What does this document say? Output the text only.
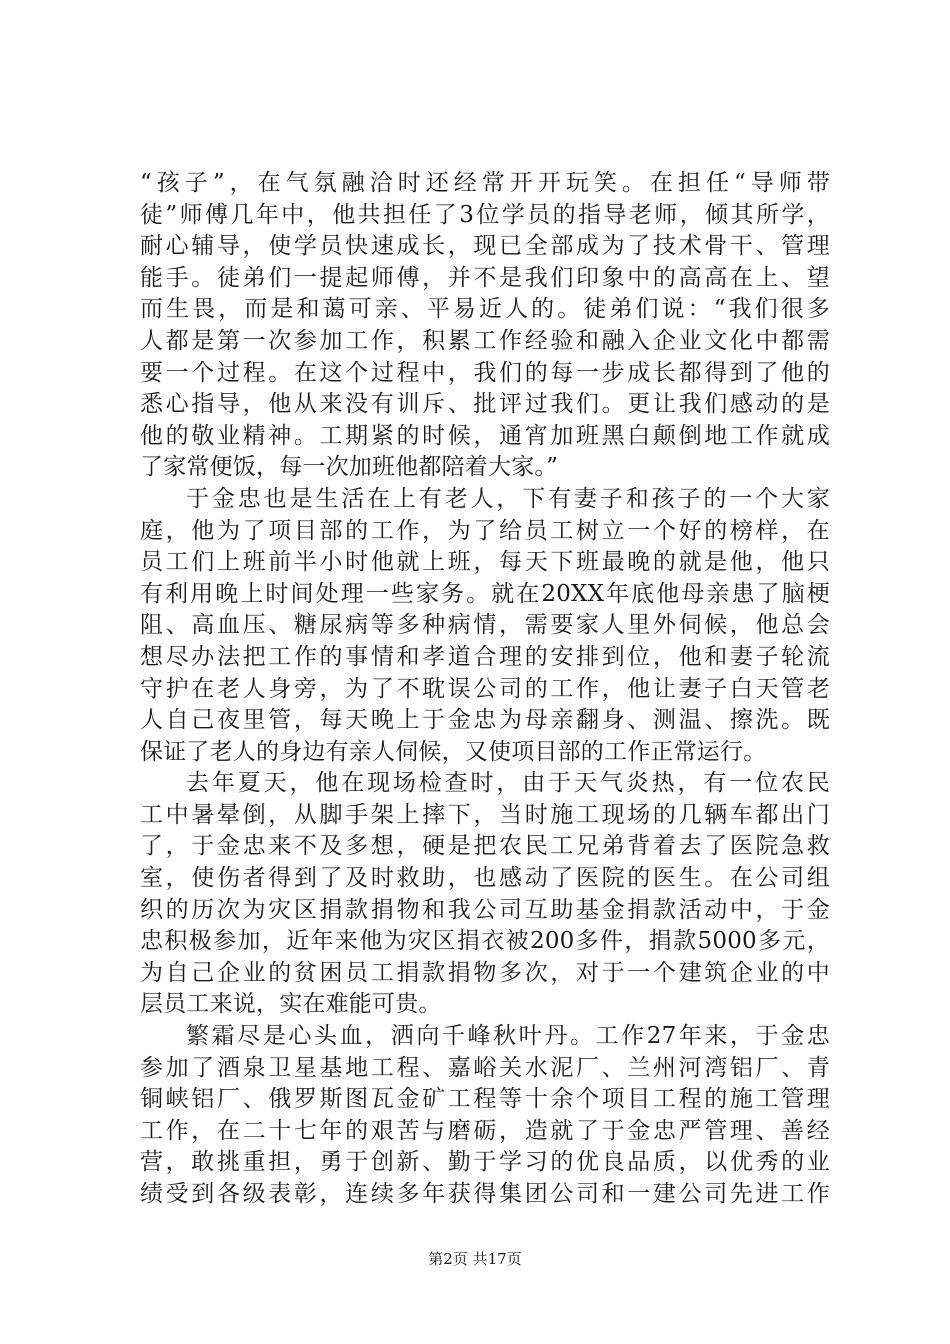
“孩子”，在气氛融洽时还经常开开玩笑。在担任“导师带
徒”师傅几年中，他共担任了3位学员的指导老师，倾其所学，
耐心辅导，使学员快速成长，现已全部成为了技术骨干、管理
能手。徒弟们一提起师傅，并不是我们印象中的高高在上、望
而生畏，而是和蔼可亲、平易近人的。徒弟们说：“我们很多
人都是第一次参加工作，积累工作经验和融入企业文化中都需
要一个过程。在这个过程中，我们的每一步成长都得到了他的
悉心指导，他从来没有训斥、批评过我们。更让我们感动的是
他的敬业精神。工期紧的时候，通宵加班黑白颠倒地工作就成
了家常便饭，每一次加班他都陪着大家。”
于金忠也是生活在上有老人，下有妻子和孩子的一个大家
庭，他为了项目部的工作，为了给员工树立一个好的榜样，在
员工们上班前半小时他就上班，每天下班最晚的就是他，他只
有利用晚上时间处理一些家务。就在20XX年底他母亲患了脑梗
阻、高血压、糖尿病等多种病情，需要家人里外伺候，他总会
想尽办法把工作的事情和孝道合理的安排到位，他和妻子轮流
守护在老人身旁，为了不耽误公司的工作，他让妻子白天管老
人自己夜里管，每天晚上于金忠为母亲翻身、测温、擦洗。既
保证了老人的身边有亲人伺候，又使项目部的工作正常运行。
去年夏天，他在现场检查时，由于天气炎热，有一位农民
工中暑晕倒，从脚手架上摔下，当时施工现场的几辆车都出门
了，于金忠来不及多想，硬是把农民工兄弟背着去了医院急救
室，使伤者得到了及时救助，也感动了医院的医生。在公司组
织的历次为灾区捐款捐物和我公司互助基金捐款活动中，于金
忠积极参加，近年来他为灾区捐衣被200多件，捐款5000多元，
为自己企业的贫困员工捐款捐物多次，对于一个建筑企业的中
层员工来说，实在难能可贵。
繁霜尽是心头血，洒向千峰秋叶丹。工作27年来，于金忠
参加了酒泉卫星基地工程、嘉峪关水泥厂、兰州河湾铝厂、青
铜峡铝厂、俄罗斯图瓦金矿工程等十余个项目工程的施工管理
工作，在二十七年的艰苦与磨砺，造就了于金忠严管理、善经
营，敢挑重担，勇于创新、勤于学习的优良品质，以优秀的业
绩受到各级表彰，连续多年获得集团公司和一建公司先进工作
第2页 共17页
